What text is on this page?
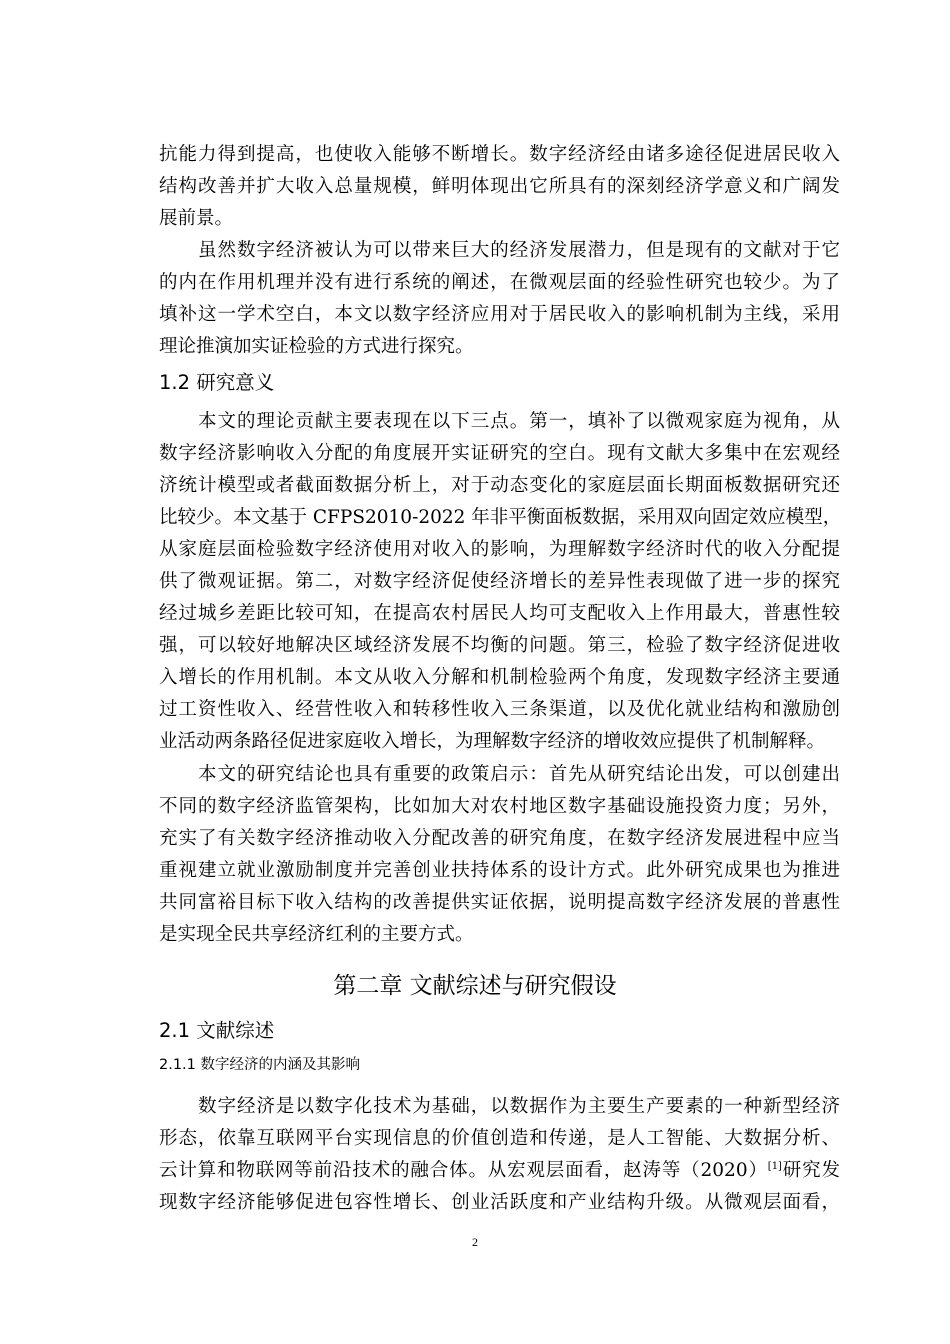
抗能力得到提高，也使收入能够不断增长。数字经济经由诸多途径促进居民收入
结构改善并扩大收入总量规模，鲜明体现出它所具有的深刻经济学意义和广阔发
展前景。
虽然数字经济被认为可以带来巨大的经济发展潜力，但是现有的文献对于它
的内在作用机理并没有进行系统的阐述，在微观层面的经验性研究也较少。为了
填补这一学术空白，本文以数字经济应用对于居民收入的影响机制为主线，采用
理论推演加实证检验的方式进行探究。
1.2 研究意义
本文的理论贡献主要表现在以下三点。第一，填补了以微观家庭为视角，从
数字经济影响收入分配的角度展开实证研究的空白。现有文献大多集中在宏观经
济统计模型或者截面数据分析上，对于动态变化的家庭层面长期面板数据研究还
比较少。本文基于 CFPS2010-2022 年非平衡面板数据，采用双向固定效应模型，
从家庭层面检验数字经济使用对收入的影响，为理解数字经济时代的收入分配提
供了微观证据。第二，对数字经济促使经济增长的差异性表现做了进一步的探究
经过城乡差距比较可知，在提高农村居民人均可支配收入上作用最大，普惠性较
强，可以较好地解决区域经济发展不均衡的问题。第三，检验了数字经济促进收
入增长的作用机制。本文从收入分解和机制检验两个角度，发现数字经济主要通
过工资性收入、经营性收入和转移性收入三条渠道，以及优化就业结构和激励创
业活动两条路径促进家庭收入增长，为理解数字经济的增收效应提供了机制解释。
本文的研究结论也具有重要的政策启示：首先从研究结论出发，可以创建出
不同的数字经济监管架构，比如加大对农村地区数字基础设施投资力度；另外，
充实了有关数字经济推动收入分配改善的研究角度，在数字经济发展进程中应当
重视建立就业激励制度并完善创业扶持体系的设计方式。此外研究成果也为推进
共同富裕目标下收入结构的改善提供实证依据，说明提高数字经济发展的普惠性
是实现全民共享经济红利的主要方式。
第二章 文献综述与研究假设
2.1 文献综述
2.1.1 数字经济的内涵及其影响
数字经济是以数字化技术为基础，以数据作为主要生产要素的一种新型经济
形态，依靠互联网平台实现信息的价值创造和传递，是人工智能、大数据分析、
云计算和物联网等前沿技术的融合体。从宏观层面看，赵涛等（2020）[1]研究发
现数字经济能够促进包容性增长、创业活跃度和产业结构升级。从微观层面看，
2
